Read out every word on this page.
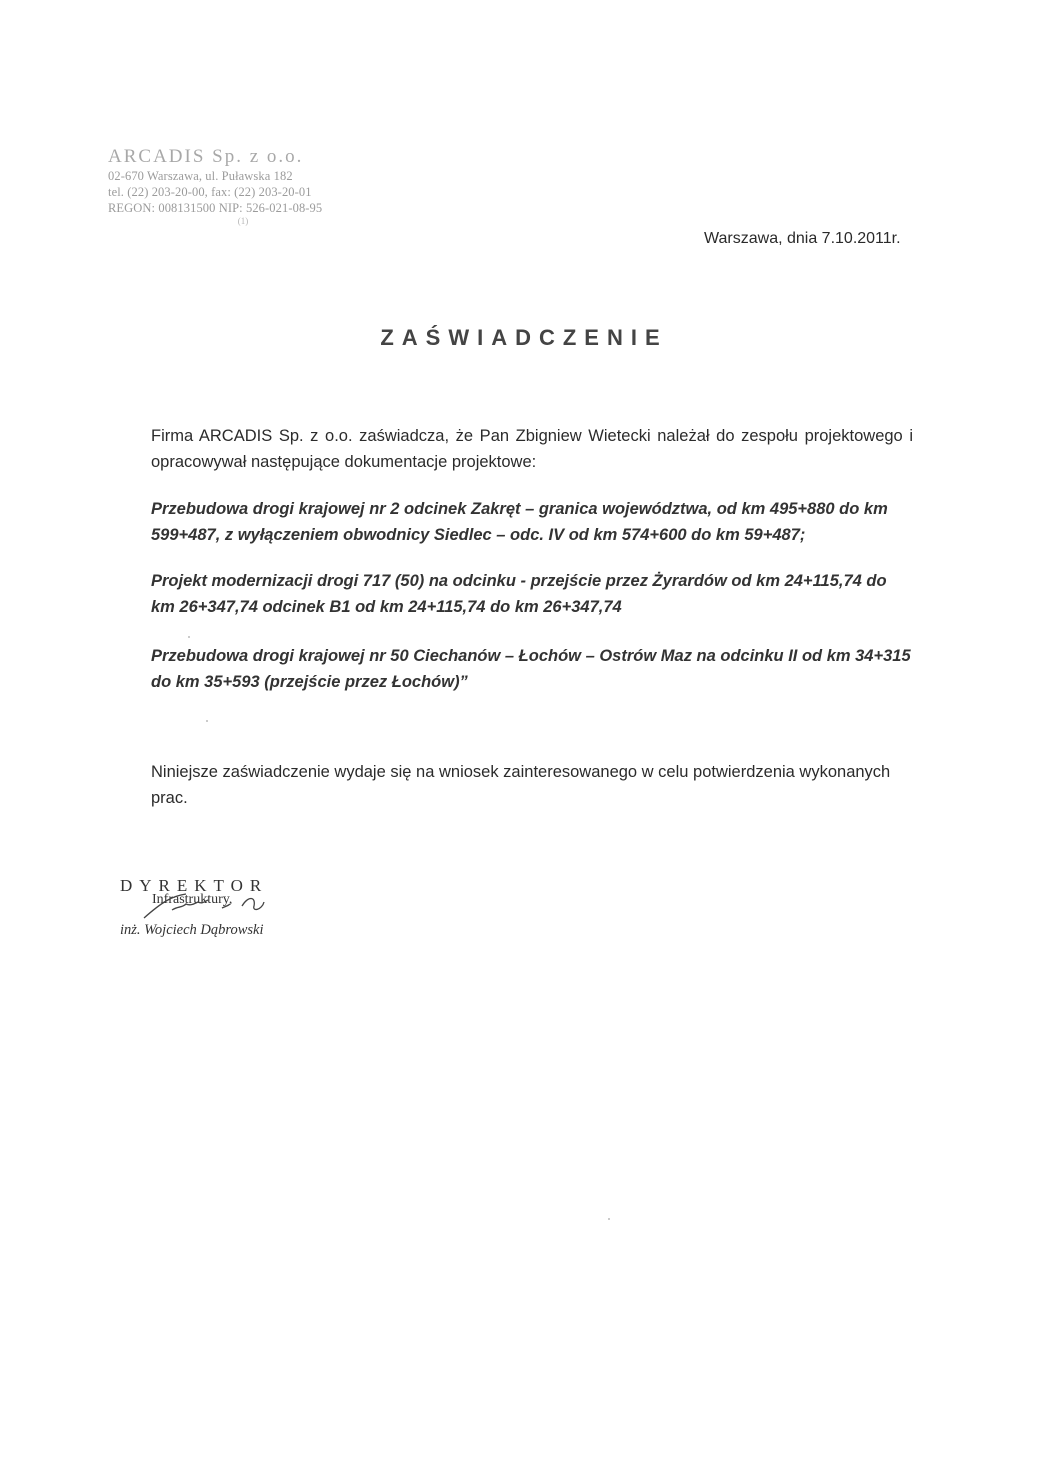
ARCADIS Sp. z o.o.
02-670 Warszawa, ul. Puławska 182
tel. (22) 203-20-00, fax: (22) 203-20-01
REGON: 008131500 NIP: 526-021-08-95
(1)
Warszawa, dnia 7.10.2011r.
ZAŚWIADCZENIE
Firma ARCADIS Sp. z o.o. zaświadcza, że Pan Zbigniew Wietecki należał do zespołu projektowego i opracowywał następujące dokumentacje projektowe:
Przebudowa drogi krajowej nr 2 odcinek Zakręt – granica województwa, od km 495+880 do km 599+487, z wyłączeniem obwodnicy Siedlec – odc. IV od km 574+600 do km 59+487;
Projekt modernizacji drogi 717 (50) na odcinku - przejście przez Żyrardów od km 24+115,74 do km 26+347,74 odcinek B1 od km 24+115,74 do km 26+347,74
Przebudowa drogi krajowej nr 50 Ciechanów – Łochów – Ostrów Maz na odcinku II od km 34+315 do km 35+593 (przejście przez Łochów)”
Niniejsze zaświadczenie wydaje się na wniosek zainteresowanego w celu potwierdzenia wykonanych prac.
DYREKTOR
Infrastruktury,
inż. Wojciech Dąbrowski
